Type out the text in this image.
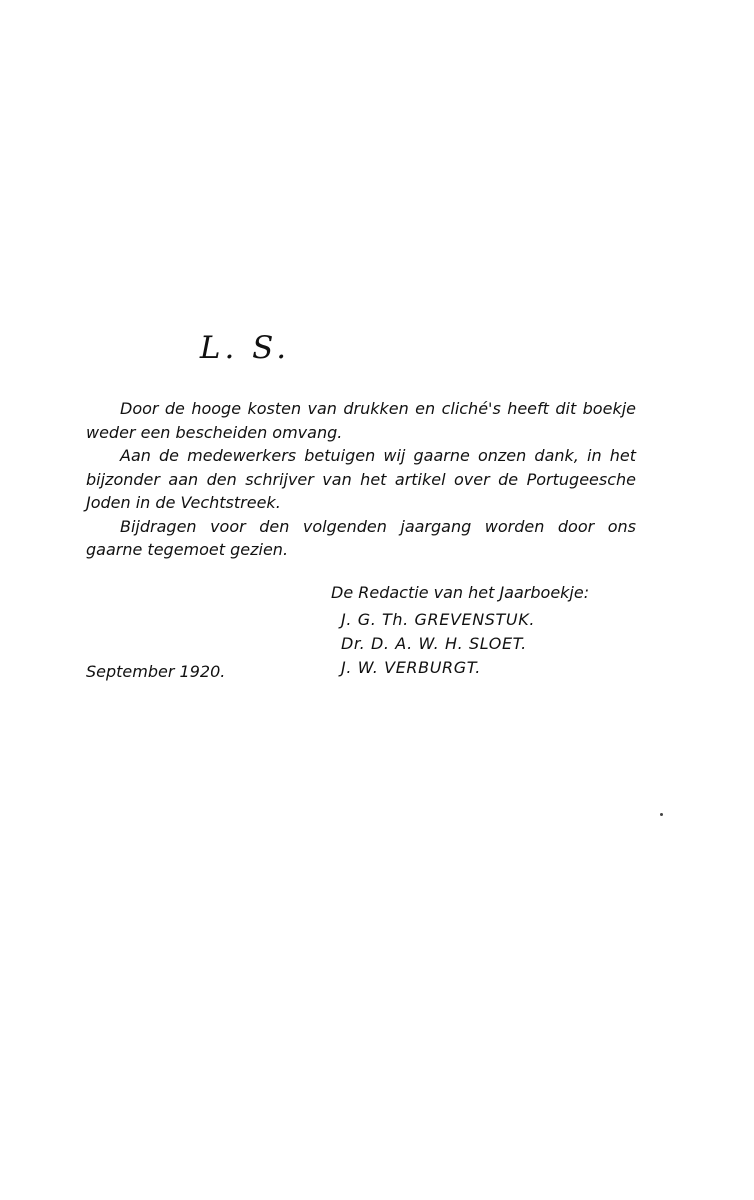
L. S.

Door de hooge kosten van drukken en cliché's heeft dit boekje weder een bescheiden omvang.

Aan de medewerkers betuigen wij gaarne onzen dank, in het bijzonder aan den schrijver van het artikel over de Portugeesche Joden in de Vechtstreek.

Bijdragen voor den volgenden jaargang worden door ons gaarne tegemoet gezien.

De Redactie van het Jaarboekje:

J. G. Th. GREVENSTUK.
Dr. D. A. W. H. SLOET.
J. W. VERBURGT.
September 1920.
